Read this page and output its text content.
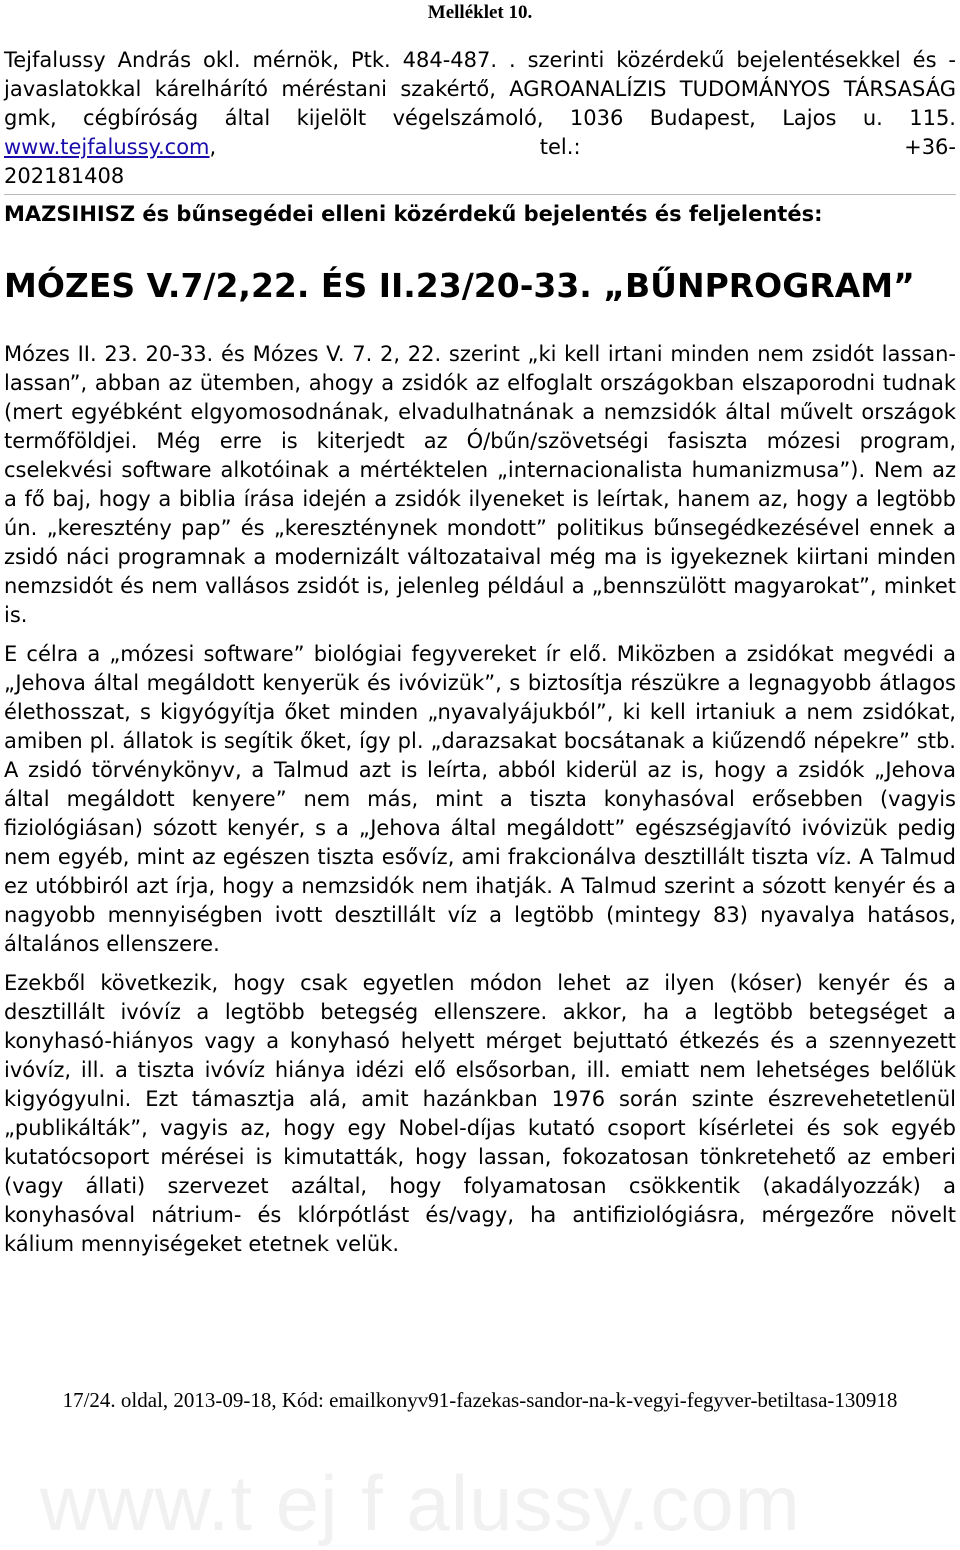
Melléklet 10.
Tejfalussy András okl. mérnök, Ptk. 484-487. . szerinti közérdekű bejelentésekkel és -javaslatokkal kárelhárító méréstani szakértő, AGROANALÍZIS TUDOMÁNYOS TÁRSASÁG gmk, cégbíróság által kijelölt végelszámoló, 1036 Budapest, Lajos u. 115. www.tejfalussy.com, tel.: +36-
202181408
MAZSIHISZ és bűnsegédei elleni közérdekű bejelentés és feljelentés:
MÓZES V.7/2,22. ÉS II.23/20-33. „BŰNPROGRAM”

Mózes II. 23. 20-33. és Mózes V. 7. 2, 22. szerint „ki kell irtani minden nem zsidót lassan-lassan”, abban az ütemben, ahogy a zsidók az elfoglalt országokban elszaporodni tudnak (mert egyébként elgyomosodnának, elvadulhatnának a nemzsidók által művelt országok termőföldjei. Még erre is kiterjedt az Ó/bűn/szövetségi fasiszta mózesi program, cselekvési software alkotóinak a mértéktelen „internacionalista humanizmusa”). Nem az a fő baj, hogy a biblia írása idején a zsidók ilyeneket is leírtak, hanem az, hogy a legtöbb ún. „keresztény pap” és „kereszténynek mondott” politikus bűnsegédkezésével ennek a zsidó náci programnak a modernizált változataival még ma is igyekeznek kiirtani minden nemzsidót és nem vallásos zsidót is, jelenleg például a „bennszülött magyarokat”, minket is.

E célra a „mózesi software” biológiai fegyvereket ír elő. Miközben a zsidókat megvédi a „Jehova által megáldott kenyerük és ivóvizük”, s biztosítja részükre a legnagyobb átlagos élethosszat, s kigyógyítja őket minden „nyavalyájukból”, ki kell irtaniuk a nem zsidókat, amiben pl. állatok is segítik őket, így pl. „darazsakat bocsátanak a kiűzendő népekre” stb. A zsidó törvénykönyv, a Talmud azt is leírta, abból kiderül az is, hogy a zsidók „Jehova által megáldott kenyere” nem más, mint a tiszta konyhasóval erősebben (vagyis fiziológiásan) sózott kenyér, s a „Jehova által megáldott” egészségjavító ivóvizük pedig nem egyéb, mint az egészen tiszta esővíz, ami frakcionálva desztillált tiszta víz. A Talmud ez utóbbiról azt írja, hogy a nemzsidók nem ihatják. A Talmud szerint a sózott kenyér és a nagyobb mennyiségben ivott desztillált víz a legtöbb (mintegy 83) nyavalya hatásos, általános ellenszere.

Ezekből következik, hogy csak egyetlen módon lehet az ilyen (kóser) kenyér és a desztillált ivóvíz a legtöbb betegség ellenszere. akkor, ha a legtöbb betegséget a konyhasó-hiányos vagy a konyhasó helyett mérget bejuttató étkezés és a szennyezett ivóvíz, ill. a tiszta ivóvíz hiánya idézi elő elsősorban, ill. emiatt nem lehetséges belőlük kigyógyulni. Ezt támasztja alá, amit hazánkban 1976 során szinte észrevehetetlenül „publikálták”, vagyis az, hogy egy Nobel-díjas kutató csoport kísérletei és sok egyéb kutatócsoport mérései is kimutatták, hogy lassan, fokozatosan tönkretehető az emberi (vagy állati) szervezet azáltal, hogy folyamatosan csökkentik (akadályozzák) a konyhasóval nátrium- és klórpótlást és/vagy, ha antifiziológiásra, mérgezőre növelt kálium mennyiségeket etetnek velük.

17/24. oldal, 2013-09-18, Kód: emailkonyv91-fazekas-sandor-na-k-vegyi-fegyver-betiltasa-130918
www.t ej f alussy.com
